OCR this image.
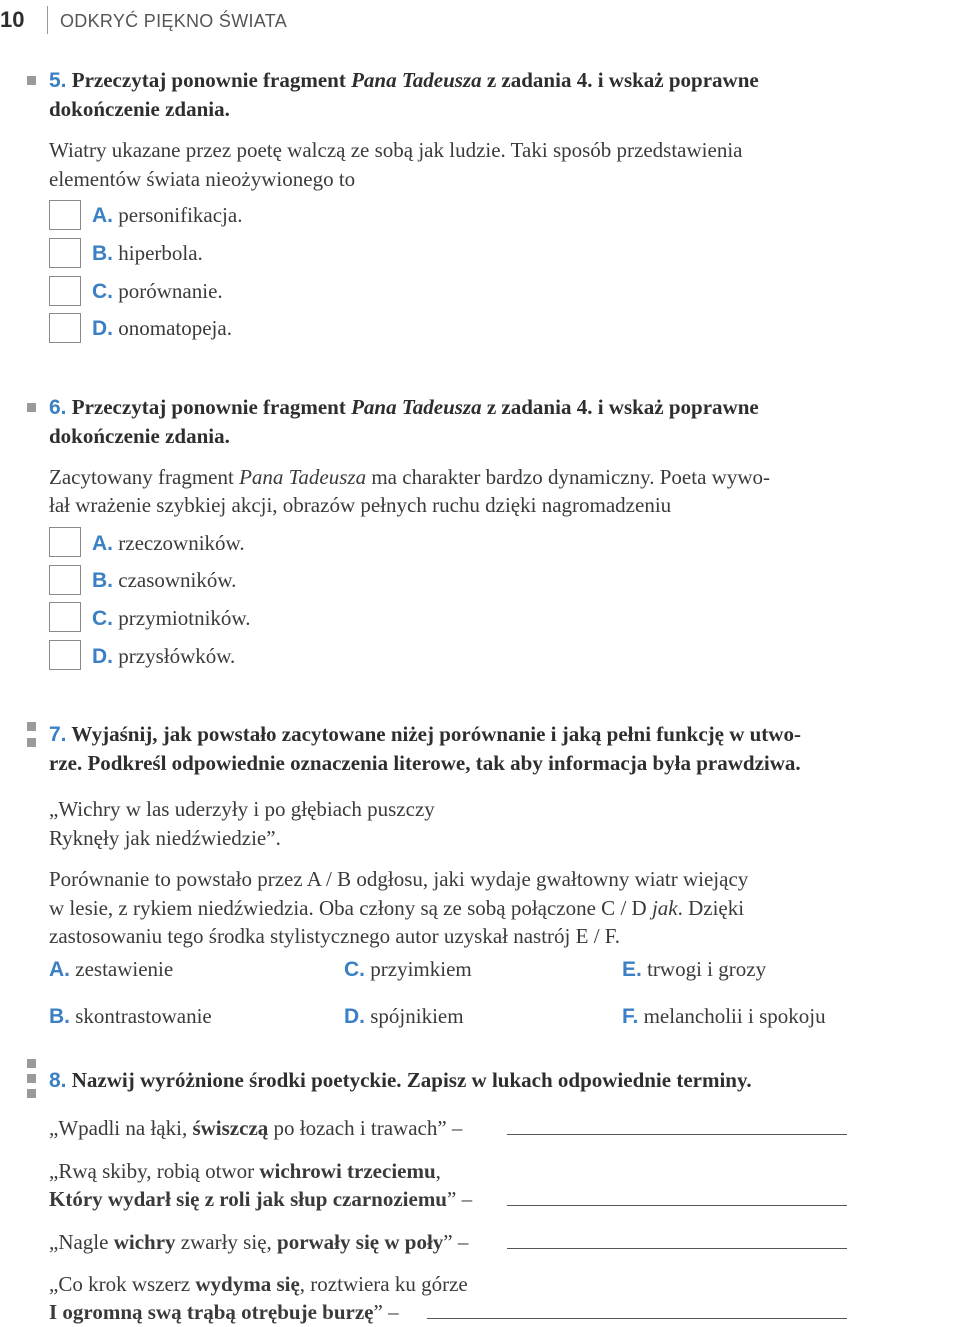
10 ODKRYĆ PIĘKNO ŚWIATA
5. Przeczytaj ponownie fragment Pana Tadeusza z zadania 4. i wskaż poprawne
dokończenie zdania.
Wiatry ukazane przez poetę walczą ze sobą jak ludzie. Taki sposób przedstawienia
elementów świata nieożywionego to
A. personifikacja.
B. hiperbola.
C. porównanie.
D. onomatopeja.
6. Przeczytaj ponownie fragment Pana Tadeusza z zadania 4. i wskaż poprawne
dokończenie zdania.
Zacytowany fragment Pana Tadeusza ma charakter bardzo dynamiczny. Poeta wywo-
łał wrażenie szybkiej akcji, obrazów pełnych ruchu dzięki nagromadzeniu
A. rzeczowników.
B. czasowników.
C. przymiotników.
D. przysłówków.
7. Wyjaśnij, jak powstało zacytowane niżej porównanie i jaką pełni funkcję w utwo-
rze. Podkreśl odpowiednie oznaczenia literowe, tak aby informacja była prawdziwa.
„Wichry w las uderzyły i po głębiach puszczy
Ryknęły jak niedźwiedzie”.
Porównanie to powstało przez A / B odgłosu, jaki wydaje gwałtowny wiatr wiejący
w lesie, z rykiem niedźwiedzia. Oba człony są ze sobą połączone C / D jak. Dzięki
zastosowaniu tego środka stylistycznego autor uzyskał nastrój E / F.
A. zestawienie	C. przyimkiem	E. trwogi i grozy
B. skontrastowanie	D. spójnikiem	F. melancholii i spokoju
8. Nazwij wyróżnione środki poetyckie. Zapisz w lukach odpowiednie terminy.
„Wpadli na łąki, świszczą po łozach i trawach” –
„Rwą skiby, robią otwor wichrowi trzeciemu,
Który wydarł się z roli jak słup czarnoziemu” –
„Nagle wichry zwarły się, porwały się w poły” –
„Co krok wszerz wydyma się, roztwiera ku górze
I ogromną swą trąbą otrębuje burzę” –
